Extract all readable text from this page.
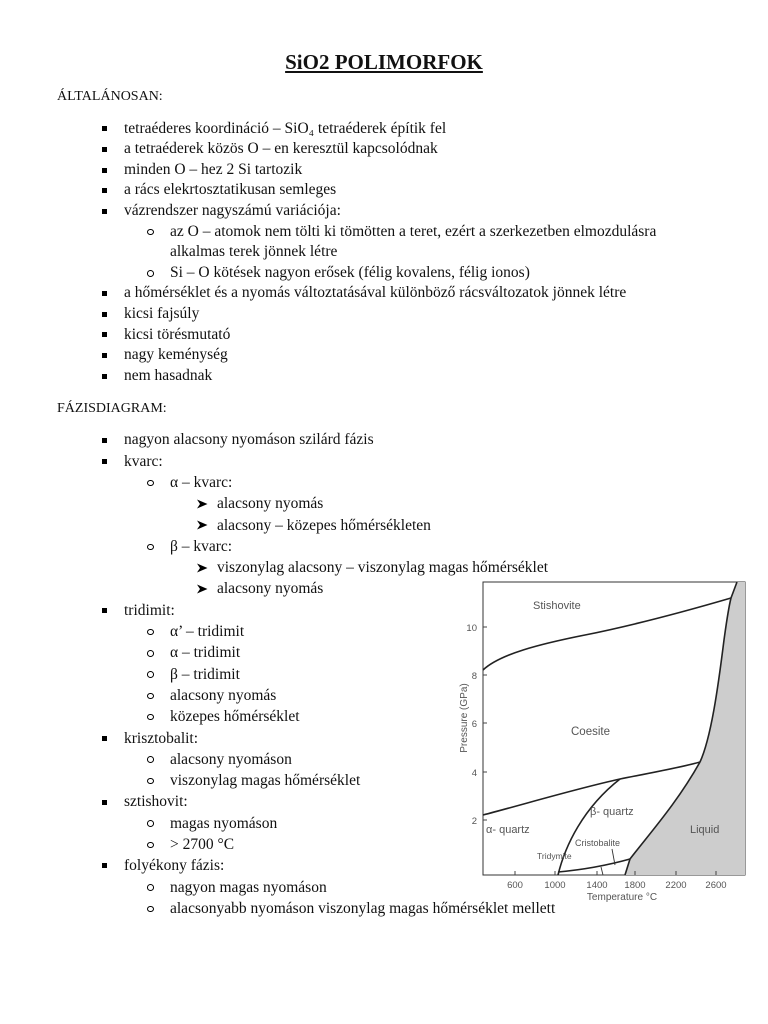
SiO2 POLIMORFOK
ÁLTALÁNOSAN:
tetraéderes koordináció – SiO₄ tetraéderek építik fel
a tetraéderek közös O – en keresztül kapcsolódnak
minden O – hez 2 Si tartozik
a rács elekrtosztatikusan semleges
vázrendszer nagyszámú variációja:
az O – atomok nem tölti ki tömötten a teret, ezért a szerkezetben elmozdulásra alkalmas terek jönnek létre
Si – O kötések nagyon erősek (félig kovalens, félig ionos)
a hőmérséklet és a nyomás változtatásával különböző rácsváltozatok jönnek létre
kicsi fajsúly
kicsi törésmutató
nagy keménység
nem hasadnak
FÁZISDIAGRAM:
nagyon alacsony nyomáson szilárd fázis
kvarc:
α – kvarc:
alacsony nyomás
alacsony – közepes hőmérsékleten
β – kvarc:
viszonylag alacsony – viszonylag magas hőmérséklet
alacsony nyomás
tridimit:
α’ – tridimit
α – tridimit
β – tridimit
alacsony nyomás
közepes hőmérséklet
krisztobalit:
alacsony nyomáson
viszonylag magas hőmérséklet
sztishovit:
magas nyomáson
> 2700 °C
folyékony fázis:
nagyon magas nyomáson
alacsonyabb nyomáson viszonylag magas hőmérséklet mellett
10
8
6
4
2
600 1000 1400 1800 2200 2600
Pressure (GPa)
Temperature °C
Stishovite
Coesite
β- quartz
α- quartz
Cristobalite
Tridymite
Liquid
